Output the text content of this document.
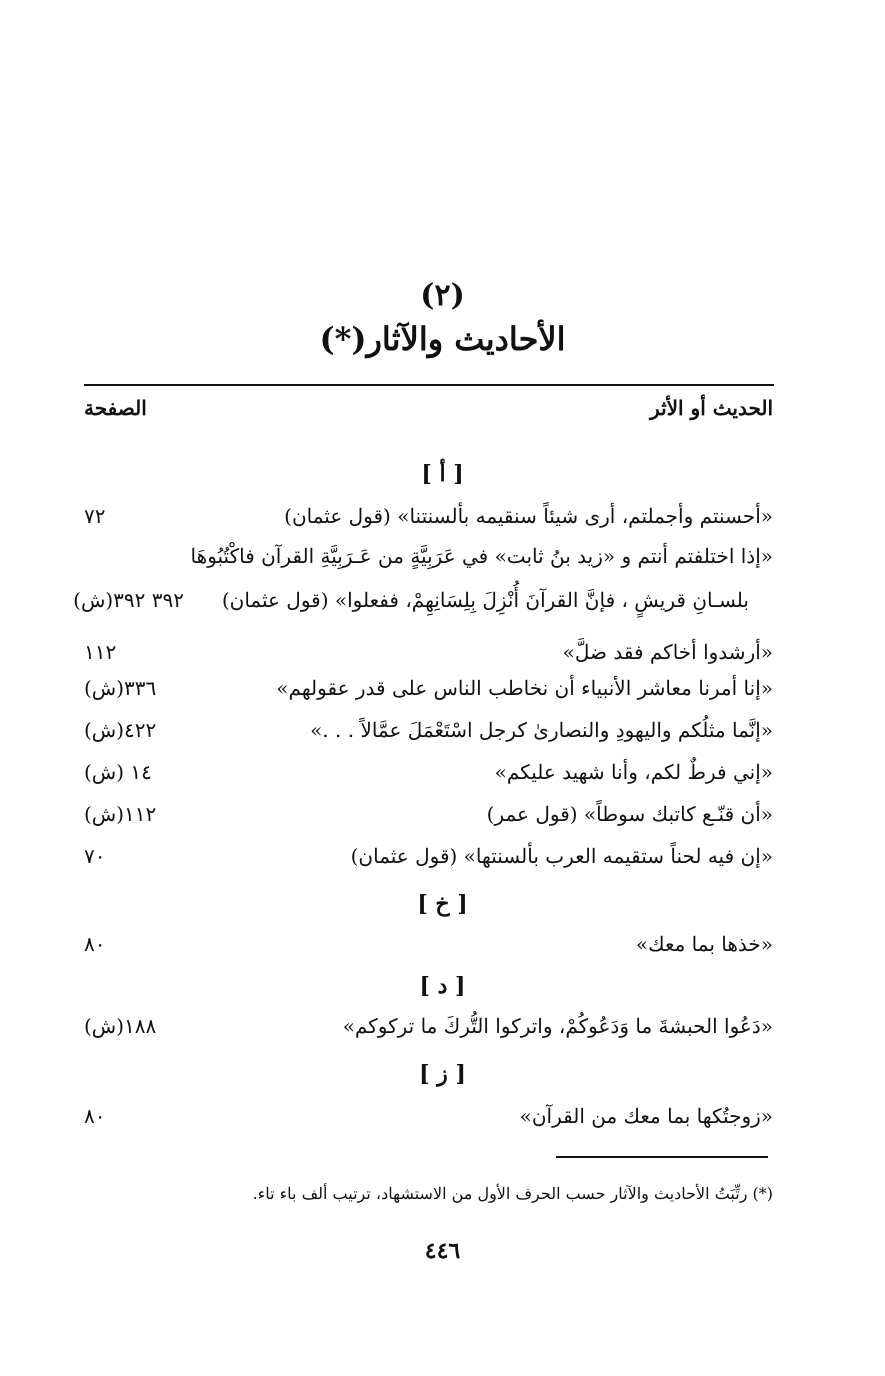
(٢)
الأحاديث والآثار(*)
الحديث أو الأثر
الصفحة
[ أ ]
«أحسنتم وأجملتم، أرى شيئاً سنقيمه بألسنتنا» (قول عثمان)
٧٢
«إذا اختلفتم أنتم و «زيد بنُ ثابت» في عَرَبِيَّةٍ من عَـرَبِيَّةِ القرآن فاكْتُبُوهَا
بلسـانِ قريشٍ ، فإنَّ القرآنَ أُنْزِلَ بِلِسَانِهِمْ، ففعلوا» (قول عثمان)
٣٩٢ ٣٩٢(ش)
«أرشدوا أخاكم فقد ضلَّ»
١١٢
«إنا أمرنا معاشر الأنبياء أن نخاطب الناس على قدر عقولهم»
٣٣٦(ش)
«إنَّما مثلُكم واليهودِ والنصارىٰ كرجل اسْتَعْمَلَ عمَّالاً . . .»
٤٢٢(ش)
«إني فرطٌ لكم، وأنا شهيد عليكم»
١٤ (ش)
«أن قنّـع كاتبك سوطاً» (قول عمر)
١١٢(ش)
«إن فيه لحناً ستقيمه العرب بألسنتها» (قول عثمان)
٧٠
[ خ ]
«خذها بما معك»
٨٠
[ د ]
«دَعُوا الحبشةَ ما وَدَعُوكُمْ، واتركوا التُّركَ ما تركوكم»
١٨٨(ش)
[ ز ]
«زوجتُكها بما معك من القرآن»
٨٠
(*) رتِّبَتُ الأحاديث والآثار حسب الحرف الأول من الاستشهاد، ترتيب ألف باء تاء.
٤٤٦
